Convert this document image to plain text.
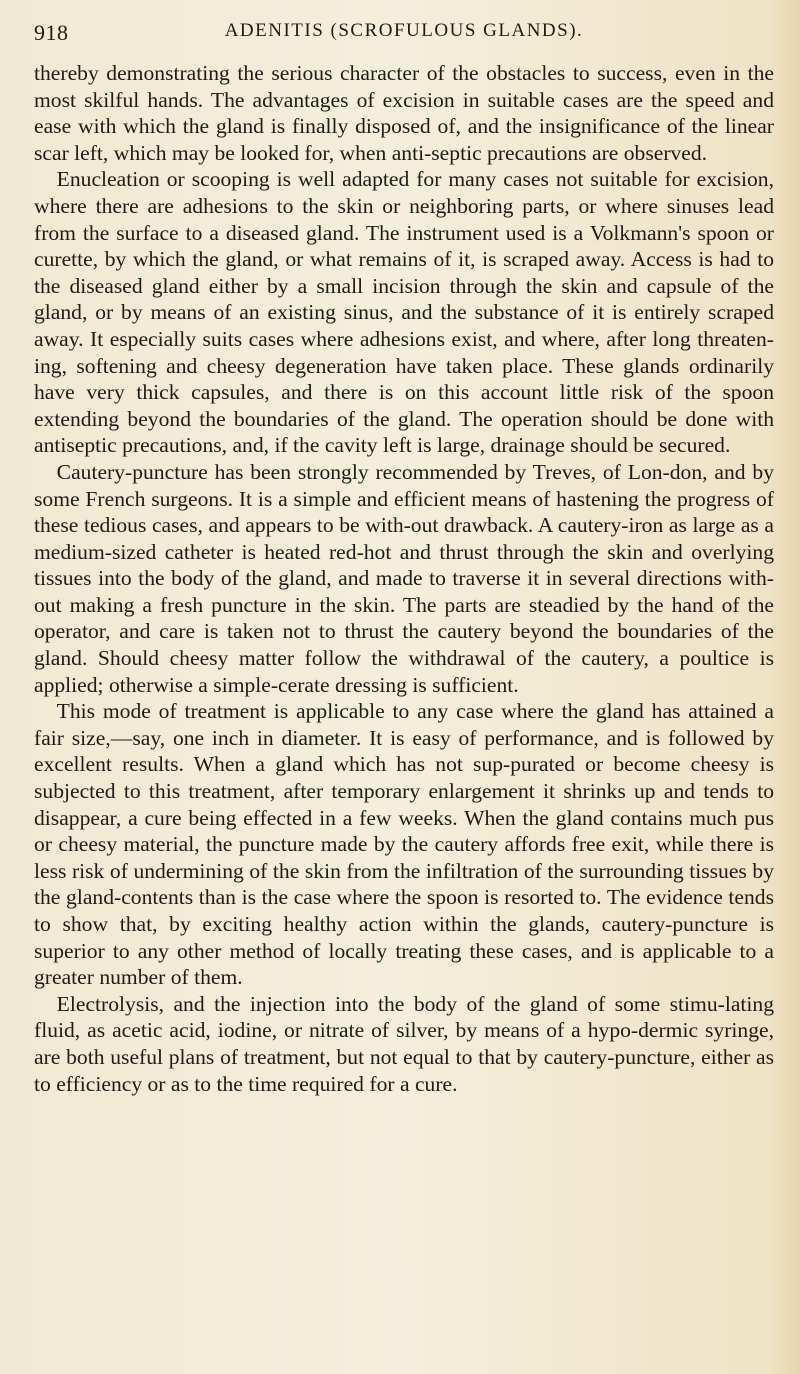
918	ADENITIS (SCROFULOUS GLANDS).

thereby demonstrating the serious character of the obstacles to success, even in the most skilful hands. The advantages of excision in suitable cases are the speed and ease with which the gland is finally disposed of, and the insignificance of the linear scar left, which may be looked for, when anti-septic precautions are observed.

Enucleation or scooping is well adapted for many cases not suitable for excision, where there are adhesions to the skin or neighboring parts, or where sinuses lead from the surface to a diseased gland. The instrument used is a Volkmann's spoon or curette, by which the gland, or what remains of it, is scraped away. Access is had to the diseased gland either by a small incision through the skin and capsule of the gland, or by means of an existing sinus, and the substance of it is entirely scraped away. It especially suits cases where adhesions exist, and where, after long threaten-ing, softening and cheesy degeneration have taken place. These glands ordinarily have very thick capsules, and there is on this account little risk of the spoon extending beyond the boundaries of the gland. The operation should be done with antiseptic precautions, and, if the cavity left is large, drainage should be secured.

Cautery-puncture has been strongly recommended by Treves, of Lon-don, and by some French surgeons. It is a simple and efficient means of hastening the progress of these tedious cases, and appears to be with-out drawback. A cautery-iron as large as a medium-sized catheter is heated red-hot and thrust through the skin and overlying tissues into the body of the gland, and made to traverse it in several directions with-out making a fresh puncture in the skin. The parts are steadied by the hand of the operator, and care is taken not to thrust the cautery beyond the boundaries of the gland. Should cheesy matter follow the withdrawal of the cautery, a poultice is applied; otherwise a simple-cerate dressing is sufficient.

This mode of treatment is applicable to any case where the gland has attained a fair size,—say, one inch in diameter. It is easy of performance, and is followed by excellent results. When a gland which has not sup-purated or become cheesy is subjected to this treatment, after temporary enlargement it shrinks up and tends to disappear, a cure being effected in a few weeks. When the gland contains much pus or cheesy material, the puncture made by the cautery affords free exit, while there is less risk of undermining of the skin from the infiltration of the surrounding tissues by the gland-contents than is the case where the spoon is resorted to. The evidence tends to show that, by exciting healthy action within the glands, cautery-puncture is superior to any other method of locally treating these cases, and is applicable to a greater number of them.

Electrolysis, and the injection into the body of the gland of some stimu-lating fluid, as acetic acid, iodine, or nitrate of silver, by means of a hypo-dermic syringe, are both useful plans of treatment, but not equal to that by cautery-puncture, either as to efficiency or as to the time required for a cure.
